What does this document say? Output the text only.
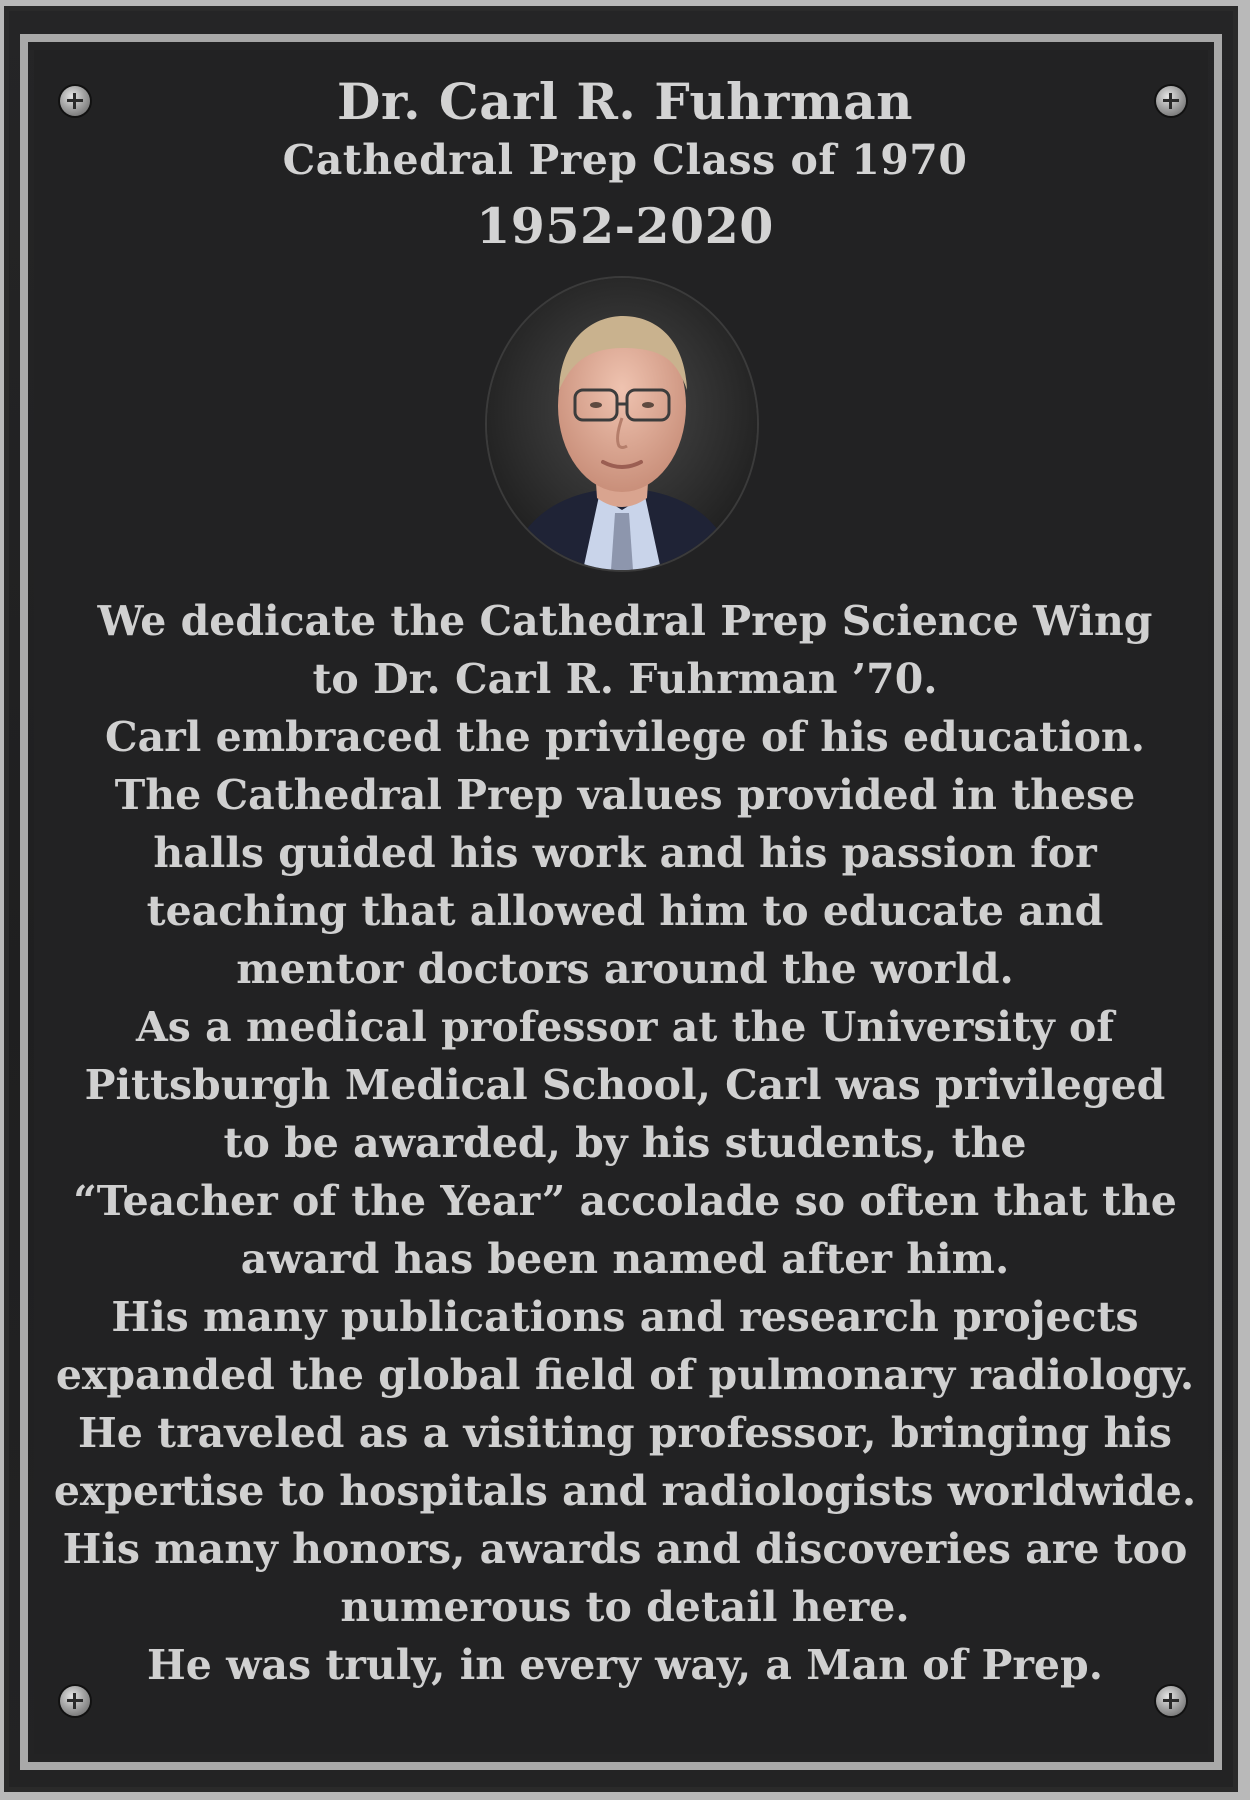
Dr. Carl R. Fuhrman
Cathedral Prep Class of 1970
1952-2020
We dedicate the Cathedral Prep Science Wing
to Dr. Carl R. Fuhrman ’70.
Carl embraced the privilege of his education.
The Cathedral Prep values provided in these
halls guided his work and his passion for
teaching that allowed him to educate and
mentor doctors around the world.
As a medical professor at the University of
Pittsburgh Medical School, Carl was privileged
to be awarded, by his students, the
“Teacher of the Year” accolade so often that the
award has been named after him.
His many publications and research projects
expanded the global field of pulmonary radiology.
He traveled as a visiting professor, bringing his
expertise to hospitals and radiologists worldwide.
His many honors, awards and discoveries are too
numerous to detail here.
He was truly, in every way, a Man of Prep.
